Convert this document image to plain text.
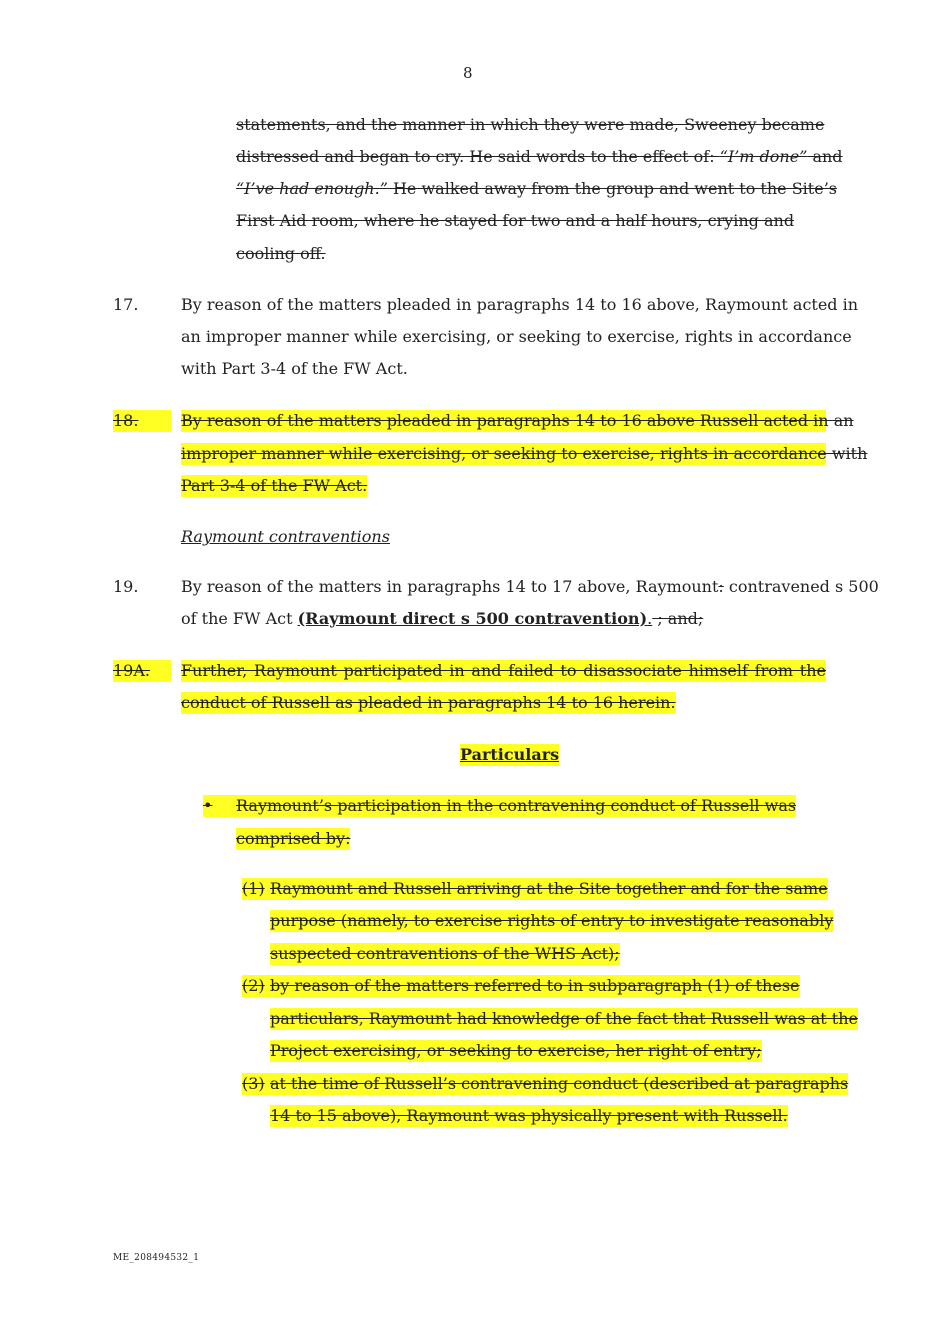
8
statements, and the manner in which they were made, Sweeney became
distressed and began to cry. He said words to the effect of: “I’m done” and
“I’ve had enough.” He walked away from the group and went to the Site’s
First Aid room, where he stayed for two and a half hours, crying and
cooling off.
17.	By reason of the matters pleaded in paragraphs 14 to 16 above, Raymount acted in
an improper manner while exercising, or seeking to exercise, rights in accordance
with Part 3-4 of the FW Act.
18.	By reason of the matters pleaded in paragraphs 14 to 16 above Russell acted in an
improper manner while exercising, or seeking to exercise, rights in accordance with
Part 3-4 of the FW Act.
Raymount contraventions
19.	By reason of the matters in paragraphs 14 to 17 above, Raymount: contravened s 500
of the FW Act (Raymount direct s 500 contravention). ; and;
19A.	Further, Raymount participated in and failed to disassociate himself from the
conduct of Russell as pleaded in paragraphs 14 to 16 herein.
Particulars
•	Raymount’s participation in the contravening conduct of Russell was
comprised by:
(1) Raymount and Russell arriving at the Site together and for the same
purpose (namely, to exercise rights of entry to investigate reasonably
suspected contraventions of the WHS Act);
(2) by reason of the matters referred to in subparagraph (1) of these
particulars, Raymount had knowledge of the fact that Russell was at the
Project exercising, or seeking to exercise, her right of entry;
(3) at the time of Russell’s contravening conduct (described at paragraphs
14 to 15 above), Raymount was physically present with Russell.
ME_208494532_1
